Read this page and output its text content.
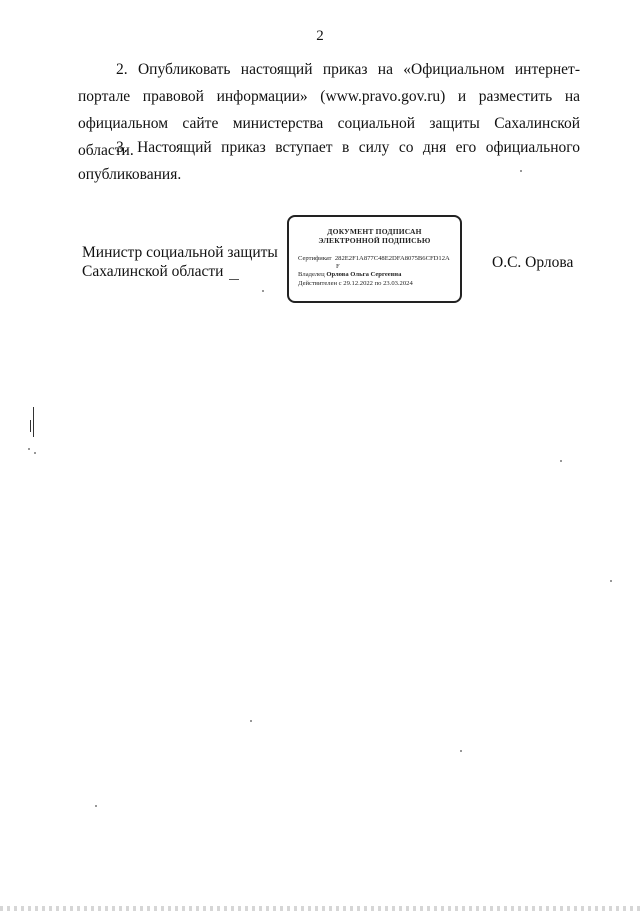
2
2. Опубликовать настоящий приказ на «Официальном интернет-портале правовой информации» (www.pravo.gov.ru) и разместить на официальном сайте министерства социальной защиты Сахалинской области.
3. Настоящий приказ вступает в силу со дня его официального опубликования.
Министр социальной защиты
Сахалинской области
ДОКУМЕНТ ПОДПИСАН
ЭЛЕКТРОННОЙ ПОДПИСЬЮ
Сертификат 282E2F1A877C48E2DFA8075B6CFD12A
F
Владелец Орлова Ольга Сергеевна
Действителен с 29.12.2022 по 23.03.2024
О.С. Орлова
